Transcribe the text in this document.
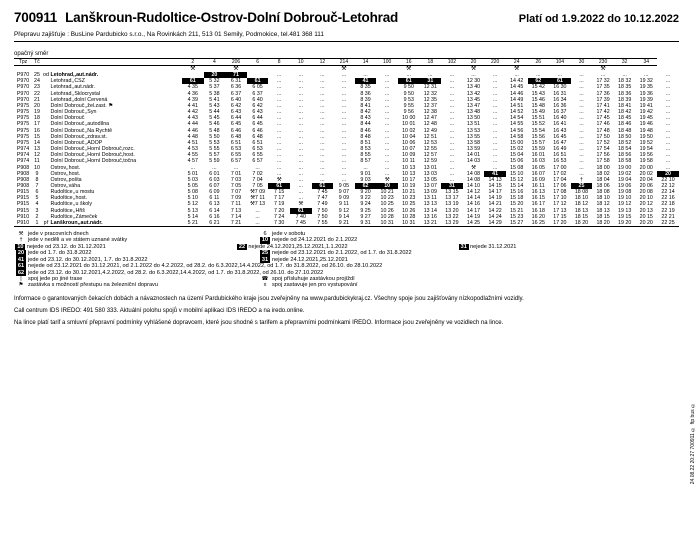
700911 Lanškroun-Rudoltice-Ostrov-Dolní Dobrouč-Letohrad	Platí od 1.9.2022 do 10.12.2022
Přepravu zajišťuje : BusLine Pardubicko s.r.o., Na Rovinkách 211, 513 01 Semily, Podmokice, tel.481 368 111
opačný směr
Tpz	Tč			2	4	206	6	8	10	12	214	14	100	16	18	102	20	220	24	26	104	30	230	32	34	
				⚒		⚒					⚒			⚒			⚒		⚒				⚒			
P970	25	od	Letohrad,,aut.nádr.		20	71		...	...	...	...	...	...	...	...	...	...	...	...	...	...	...	...	...	...	...
P970	24		Letohrad,,ČSZ	61	5 32	6 31	61	...	...	...	...	41	...	61	31	...	12 30	...	14 42	62	61	...	17 32	18 32	19 32	...
P970	23		Letohrad,,aut.nádr.	4 35	5 37	6 36	6 05	...	...	...	...	8 35	...	9 50	12 31	...	13 40	...	14 45	15 42	16 30	...	17 35	18 35	19 35	...
P970	22		Letohrad,,Sklocrystal	4 36	5 38	6 37	6 37	...	...	...	...	8 36	...	9 50	12 32	...	13 42	...	14 46	15 43	16 31	...	17 36	18 36	19 36	...
P970	21		Letohrad,,dolní Červená	4 39	5 41	6 40	6 40	...	...	...	...	8 39	...	9 53	12 35	...	13 45	...	14 49	15 46	16 34	...	17 39	18 39	19 39	...
P975	20		Dolní Dobrouč,,žel.zast. ⚑	4 41	5 43	6 42	6 42	...	...	...	...	8 41	...	9 55	12 37	...	13 47	...	14 51	15 48	16 36	...	17 41	18 41	19 41	...
P975	19		Dolní Dobrouč,,Syn	4 42	5 44	6 43	6 43	...	...	...	...	8 42	...	9 56	12 38	...	13 48	...	14 52	15 49	16 37	...	17 42	18 42	19 42	...
P975	18		Dolní Dobrouč	4 43	5 45	6 44	6 44	...	...	...	...	8 43	...	10 00	12 47	...	13 50	...	14 54	15 51	16 40	...	17 45	18 45	19 45	...
P975	17		Dolní Dobrouč,,autodílna	4 44	5 46	6 45	6 45	...	...	...	...	8 44	...	10 01	12 48	...	13 51	...	14 55	15 52	16 41	...	17 46	18 46	19 46	...
P975	16		Dolní Dobrouč,,Na Rychtě	4 46	5 48	6 46	6 46	...	...	...	...	8 46	...	10 02	12 49	...	13 53	...	14 56	15 54	16 43	...	17 48	18 48	19 48	...
P975	15		Dolní Dobrouč,,zdrav.st.	4 48	5 50	6 48	6 48	...	...	...	...	8 48	...	10 04	12 51	...	13 55	...	14 58	15 56	16 45	...	17 50	18 50	19 50	...
P975	14		Dolní Dobrouč,,ADOP	4 51	5 53	6 51	6 51	...	...	...	...	8 51	...	10 06	12 53	...	13 58	...	15 00	15 57	16 47	...	17 52	18 52	19 52	...
P974	13		Dolní Dobrouč,,Horní Dobrouč,rozc.	4 53	5 55	6 53	6 53	...	...	...	...	8 53	...	10 07	12 55	...	13 59	...	15 02	15 59	16 49	...	17 54	18 54	19 54	...
P974	12		Dolní Dobrouč,,Horní Dobrouč,host.	4 55	5 57	6 55	6 55	...	...	...	...	8 55	...	10 09	12 57	...	14 01	...	15 04	16 01	16 51	...	17 56	18 56	19 56	...
P974	11		Dolní Dobrouč,,Horní Dobrouč,točna	4 57	5 59	6 57	6 57	...	...	...	...	8 57	...	10 11	12 59	...	14 03	...	15 06	16 03	16 53	...	17 58	18 58	19 58	...
P908	10		Ostrov,,host.	...	...	...	...	...	...	...	...	...	...	10 13	13 01	...	⚒	...	15 08	16 05	17 00	...	18 00	19 00	20 00	...
P908	9		Ostrov,,host.	5 01	6 01	7 01	7 02	...	...	...	...	9 01	...	10 13	13 03	...	14 08	41	15 10	16 07	17 02	...	18 02	19 02	20 02	20
P908	8		Ostrov,,pošta	5 03	6 03	7 03	7 04	⚒	...	...	...	9 03	⚒	10 17	13 05	...	14 08	14 13	15 12	16 09	17 04	†	18 04	19 04	20 04	22 10
P908	7		Ostrov,,váha	5 05	6 07	7 05	7 05	61	...	61	9 05	62	10	10 19	13 07	31	14 10	14 15	15 14	16 11	17 06	25	18 06	19 06	20 06	22 12
P915	6		Rudoltice,,u mostu	5 08	6 09	7 07	⚒7 09	7 15	...	7 45	9 07	9 20	10 21	10 21	13 09	13 15	14 12	14 17	15 16	16 13	17 08	18 08	18 08	19 08	20 08	22 14
P915	5		Rudoltice,,host.	5 10	6 11	7 09	⚒7 11	7 17	...	7 47	9 09	9 22	10 23	10 23	13 11	13 17	14 14	14 19	15 18	16 15	17 10	18 10	18 10	19 10	20 10	22 16
P915	4		Rudoltice,,u školy	5 12	6 13	7 11	⚒7 13	7 19	⚒	7 49	9 11	9 24	10 25	10 25	13 13	13 19	14 16	14 21	15 20	16 17	17 12	18 12	18 12	19 12	20 12	22 18
P915	3		Rudoltice,,Hřiš	5 13	6 14	7 13	...	7 20	61	7 50	9 12	9 25	10 26	10 26	13 14	13 20	14 17	14 22	15 21	16 18	17 13	18 13	18 13	19 13	20 13	22 19
P910	2		Rudoltice,,Zámeček	5 14	6 16	7 14	...	7 24	7 40	7 50	9 14	9 27	10 28	10 28	13 16	13 22	14 19	14 24	15 23	16 20	17 15	18 15	18 15	19 15	20 15	22 21
P910	1	př	Lanškroun,,aut.nádr.	5 21	6 21	7 21	...	7 30	7 45	7 55	9 21	9 31	10 31	10 31	13 21	13 29	14 25	14 29	15 27	16 25	17 20	18 20	18 20	19 20	20 20	22 25
⚒ jede v pracovních dnech	6 jede v sobotu
† jede v neděli a ve státem uznané svátky	10 nejede od 24.12.2021 do 2.1.2022
10 nejede od 23.12. do 31.12.2021	22 nejede 24.12.2021,25.12.2021,1.1.2022	31 nejede 31.12.2021
20 jede od 1.7. do 31.8.2022	25 nejede od 23.12.2021 do 2.1.2022, od 1.7. do 31.8.2022
41 jede od 23.12. do 30.12.2021, 1.7. do 31.8.2022	31 nejede 24.12.2021,25.12.2021
61 nejede od 23.12.2021 do 31.12.2021, od 2.1.2022 do 4.2.2022, od 28.2. do 6.3.2022,14.4.2022, od 1.7. do 31.8.2022, od 26.10. do 28.10.2022
62 jede od 23.12. do 30.12.2021,4.2.2022, od 28.2. do 6.3.2022,14.4.2022, od 1.7. do 31.8.2022, od 26.10. do 27.10.2022
|	spoj jede po jiné trase	☎ spoj přísluhuje zastávkou projíždí
⚑ zastávka s možností přestupu na železniční dopravu	x	spoj zastavuje jen pro vystupování
Informace o garantovaných čekacích dobách a návaznostech na území Pardubického kraje jsou zveřejněny na www.pardubickykraj.cz. Všechny spoje jsou zajišťovány nízkopodlažními vozidly.
Call centrum IDS IREDO: 491 580 333. Aktuální polohu spojů v mobilní aplikaci IDS IREDO a na iredo.online.
Na lince platí tarif a smluvní přepravní podmínky vyhlášené dopravcem, které jsou shodné s tarifem a přepravními podmínkami IREDO. Informace jsou zveřejněny ve vozidlech na lince.
24.08.22 20:27 700911 © ftp bus ©
